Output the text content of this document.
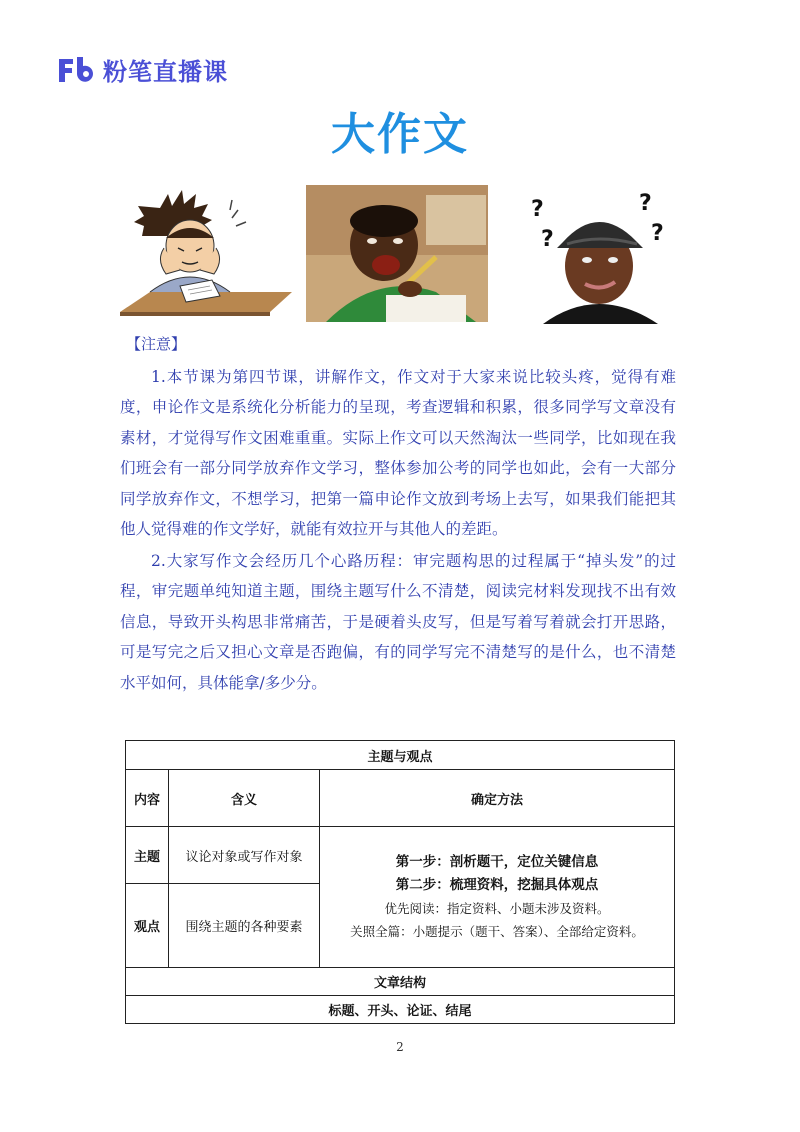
粉笔直播课
大作文
?
?
?
?
【注意】

1.本节课为第四节课，讲解作文，作文对于大家来说比较头疼，觉得有难度，申论作文是系统化分析能力的呈现，考查逻辑和积累，很多同学写文章没有素材，才觉得写作文困难重重。实际上作文可以天然淘汰一些同学，比如现在我们班会有一部分同学放弃作文学习，整体参加公考的同学也如此，会有一大部分同学放弃作文，不想学习，把第一篇申论作文放到考场上去写，如果我们能把其他人觉得难的作文学好，就能有效拉开与其他人的差距。

2.大家写作文会经历几个心路历程：审完题构思的过程属于“掉头发”的过程，审完题单纯知道主题，围绕主题写什么不清楚，阅读完材料发现找不出有效信息，导致开头构思非常痛苦，于是硬着头皮写，但是写着写着就会打开思路，可是写完之后又担心文章是否跑偏，有的同学写完不清楚写的是什么，也不清楚水平如何，具体能拿/多少分。

主题与观点		
内容	含义	确定方法
主题	议论对象或写作对象	第一步：剖析题干，定位关键信息
第二步：梳理资料，挖掘具体观点
优先阅读：指定资料、小题未涉及资料。
关照全篇：小题提示（题干、答案）、全部给定资料。

观点	围绕主题的各种要素	
文章结构		
标题、开头、论证、结尾		
2
